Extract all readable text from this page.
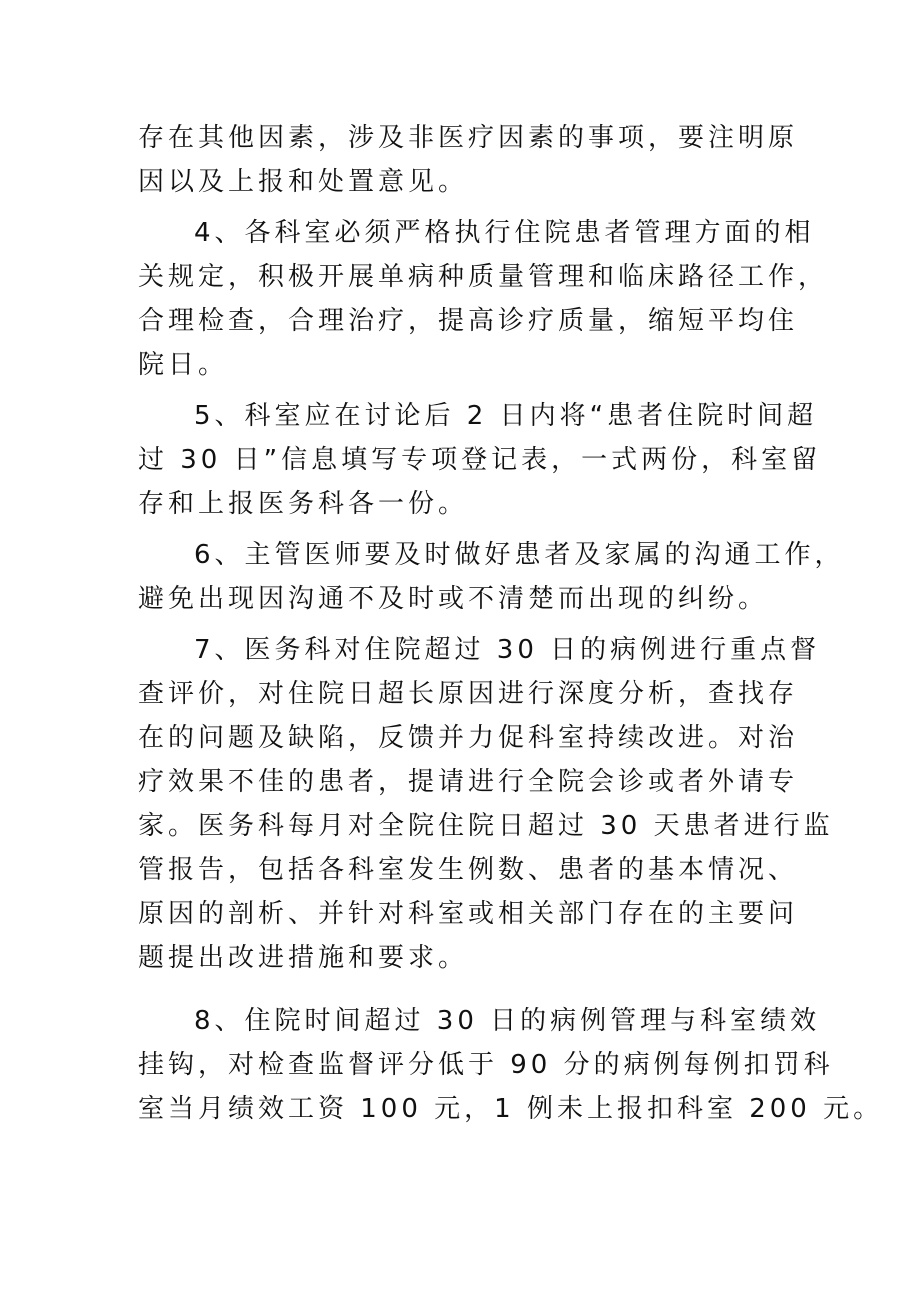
存在其他因素，涉及非医疗因素的事项，要注明原
因以及上报和处置意见。
4、各科室必须严格执行住院患者管理方面的相
关规定，积极开展单病种质量管理和临床路径工作，
合理检查，合理治疗，提高诊疗质量，缩短平均住
院日。
5、科室应在讨论后 2 日内将“患者住院时间超
过 30 日”信息填写专项登记表，一式两份，科室留
存和上报医务科各一份。
6、主管医师要及时做好患者及家属的沟通工作，
避免出现因沟通不及时或不清楚而出现的纠纷。
7、医务科对住院超过 30 日的病例进行重点督
查评价，对住院日超长原因进行深度分析，查找存
在的问题及缺陷，反馈并力促科室持续改进。对治
疗效果不佳的患者，提请进行全院会诊或者外请专
家。医务科每月对全院住院日超过 30 天患者进行监
管报告，包括各科室发生例数、患者的基本情况、
原因的剖析、并针对科室或相关部门存在的主要问
题提出改进措施和要求。
8、住院时间超过 30 日的病例管理与科室绩效
挂钩，对检查监督评分低于 90 分的病例每例扣罚科
室当月绩效工资 100 元，1 例未上报扣科室 200 元。
